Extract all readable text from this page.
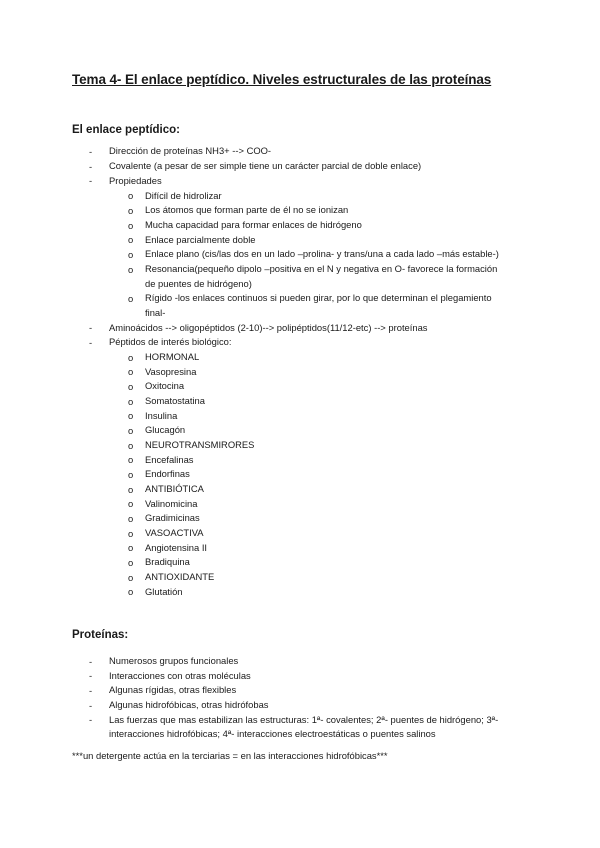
Tema 4- El enlace peptídico. Niveles estructurales de las proteínas
El enlace peptídico:
- Dirección de proteínas NH3+ --> COO-
- Covalente (a pesar de ser simple tiene un carácter parcial de doble enlace)
- Propiedades
o Difícil de hidrolizar
o Los átomos que forman parte de él no se ionizan
o Mucha capacidad para formar enlaces de hidrógeno
o Enlace parcialmente doble
o Enlace plano (cis/las dos en un lado –prolina- y trans/una a cada lado –más estable-)
o Resonancia(pequeño dipolo –positiva en el N y negativa en O- favorece la formación
de puentes de hidrógeno)
o Rígido -los enlaces continuos si pueden girar, por lo que determinan el plegamiento
final-
- Aminoácidos --> oligopéptidos (2-10)--> polipéptidos(11/12-etc) --> proteínas
- Péptidos de interés biológico:
o HORMONAL
o Vasopresina
o Oxitocina
o Somatostatina
o Insulina
o Glucagón
o NEUROTRANSMIRORES
o Encefalinas
o Endorfinas
o ANTIBIÓTICA
o Valinomicina
o Gradimicinas
o VASOACTIVA
o Angiotensina II
o Bradiquina
o ANTIOXIDANTE
o Glutatión
Proteínas:
- Numerosos grupos funcionales
- Interacciones con otras moléculas
- Algunas rígidas, otras flexibles
- Algunas hidrofóbicas, otras hidrófobas
- Las fuerzas que mas estabilizan las estructuras: 1ª- covalentes; 2ª- puentes de hidrógeno; 3ª-
interacciones hidrofóbicas; 4ª- interacciones electroestáticas o puentes salinos
***un detergente actúa en la terciarias = en las interacciones hidrofóbicas***
